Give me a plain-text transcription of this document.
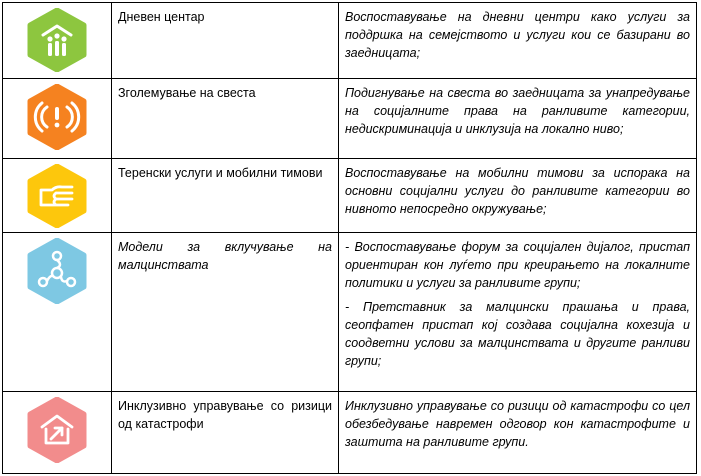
	Дневен центар	Воспоставување на дневни центри како услуги за поддршка на семејството и услуги кои се базирани во заедницата;

	Зголемување на свеста	Подигнување на свеста во заедницата за унапредување на социјалните права на ранливите категории, недискриминација и инклузија на локално ниво;

	Теренски услуги и мобилни тимови	Воспоставување на мобилни тимови за испорака на основни социјални услуги до ранливите категории во нивното непосредно окружување;

	Модели за вклучување на малцинствата	- Воспоставување форум за социјален дијалог, пристап ориентиран кон луѓето при креирањето на локалните политики и услуги за ранливите групи;

- Претставник за малцински прашања и права, сеопфатен пристап кој создава социјална кохезија и соодветни услови за малцинствата и другите ранливи групи;

	Инклузивно управување со ризици од катастрофи	Инклузивно управување со ризици од катастрофи со цел обезбедување навремен одговор кон катастрофите и заштита на ранливите групи.
